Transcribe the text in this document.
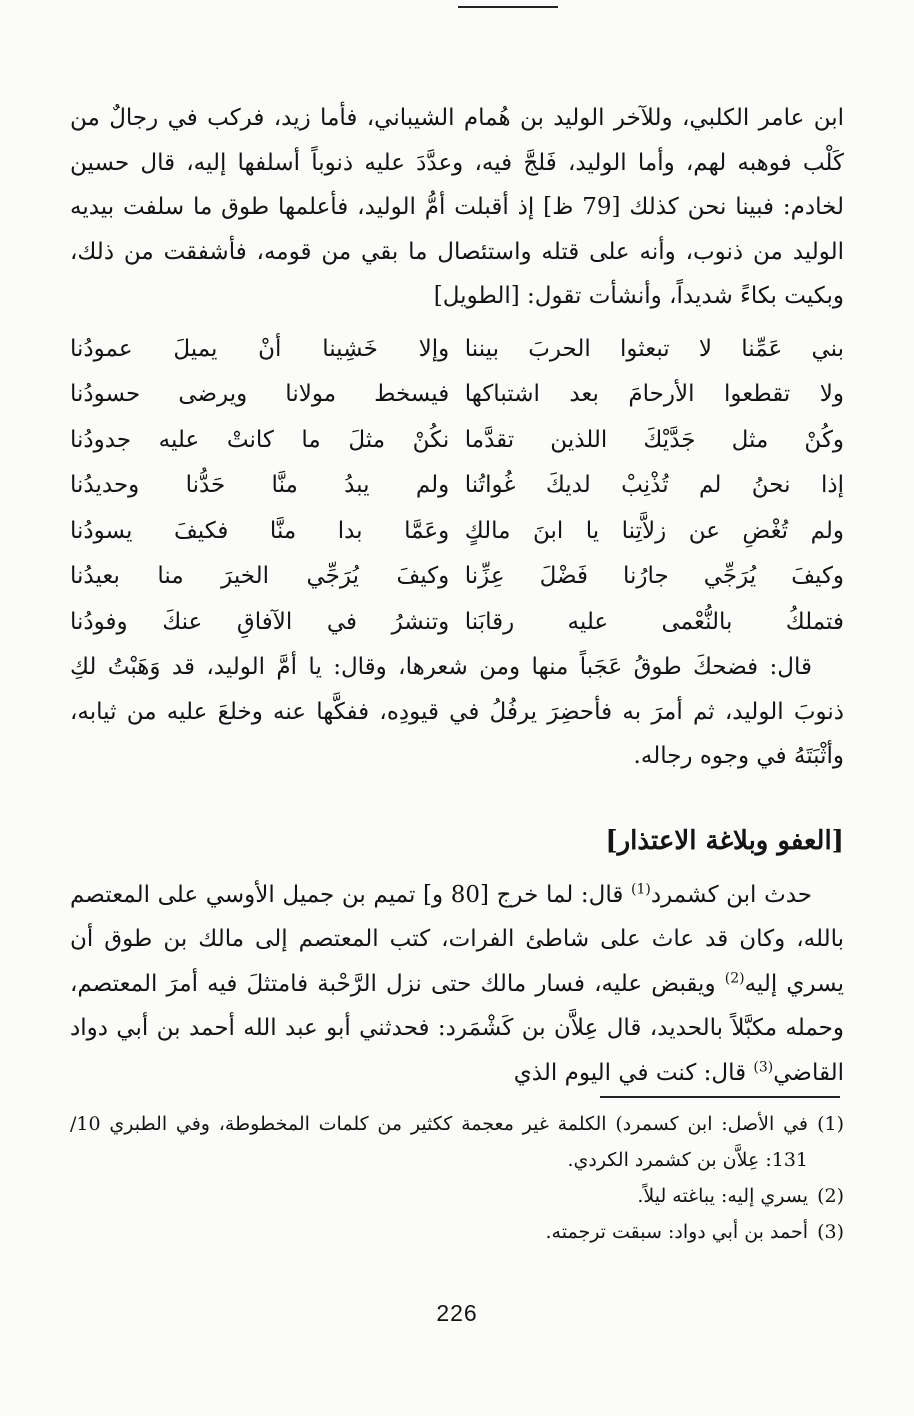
ابن عامر الكلبي، وللآخر الوليد بن هُمام الشيباني، فأما زيد، فركب في رجالٌ من كَلْب فوهبه لهم، وأما الوليد، فَلجَّ فيه، وعدَّدَ عليه ذنوباً أسلفها إليه، قال حسين لخادم: فبينا نحن كذلك [79 ظ] إذ أقبلت أمُّ الوليد، فأعلمها طوق ما سلفت بيديه الوليد من ذنوب، وأنه على قتله واستئصال ما بقي من قومه، فأشفقت من ذلك، وبكيت بكاءً شديداً، وأنشأت تقول: [الطويل]

بني عَمِّنا لا تبعثوا الحربَ بيننا
وإلا خَشِينا أنْ يميلَ عمودُنا
ولا تقطعوا الأرحامَ بعد اشتباكها
فيسخط مولانا ويرضى حسودُنا
وكُنْ مثل جَدَّيْكَ اللذين تقدَّما
نكُنْ مثلَ ما كانتْ عليه جدودُنا
إذا نحنُ لم تُذْنِبْ لديكَ غُواتُنا
ولم يبدُ منَّا حَدُّنا وحديدُنا
ولم تُغْضِ عن زلاَّتِنا يا ابنَ مالكٍ
وعَمَّا بدا منَّا فكيفَ يسودُنا
وكيفَ يُرَجِّي جارُنا فَضْلَ عِزِّنا
وكيفَ يُرَجِّي الخيرَ منا بعيدُنا
فتملكُ بالنُّعْمى عليه رقابَنا
وتنشرُ في الآفاقِ عنكَ وفودُنا

قال: فضحكَ طوقُ عَجَباً منها ومن شعرها، وقال: يا أمَّ الوليد، قد وَهَبْتُ لكِ ذنوبَ الوليد، ثم أمرَ به فأحضِرَ يرفُلُ في قيودِه، ففكَّها عنه وخلعَ عليه من ثيابه، وأثْبَتَهُ في وجوه رجاله.

[العفو وبلاغة الاعتذار]

حدث ابن كشمرد$^{(1)}$ قال: لما خرج [80 و] تميم بن جميل الأوسي على المعتصم بالله، وكان قد عاث على شاطئ الفرات، كتب المعتصم إلى مالك بن طوق أن يسري إليه$^{(2)}$ ويقبض عليه، فسار مالك حتى نزل الرَّحْبة فامتثلَ فيه أمرَ المعتصم، وحمله مكبَّلاً بالحديد، قال عِلاَّن بن كَشْمَرد: فحدثني أبو عبد الله أحمد بن أبي دواد القاضي$^{(3)}$ قال: كنت في اليوم الذي

(1)
في الأصل: ابن كسمرد) الكلمة غير معجمة ككثير من كلمات المخطوطة، وفي الطبري 10/ 131: عِلاَّن بن كشمرد الكردي.

(2)
يسري إليه: يباغته ليلاً.

(3)
أحمد بن أبي دواد: سبقت ترجمته.

226
